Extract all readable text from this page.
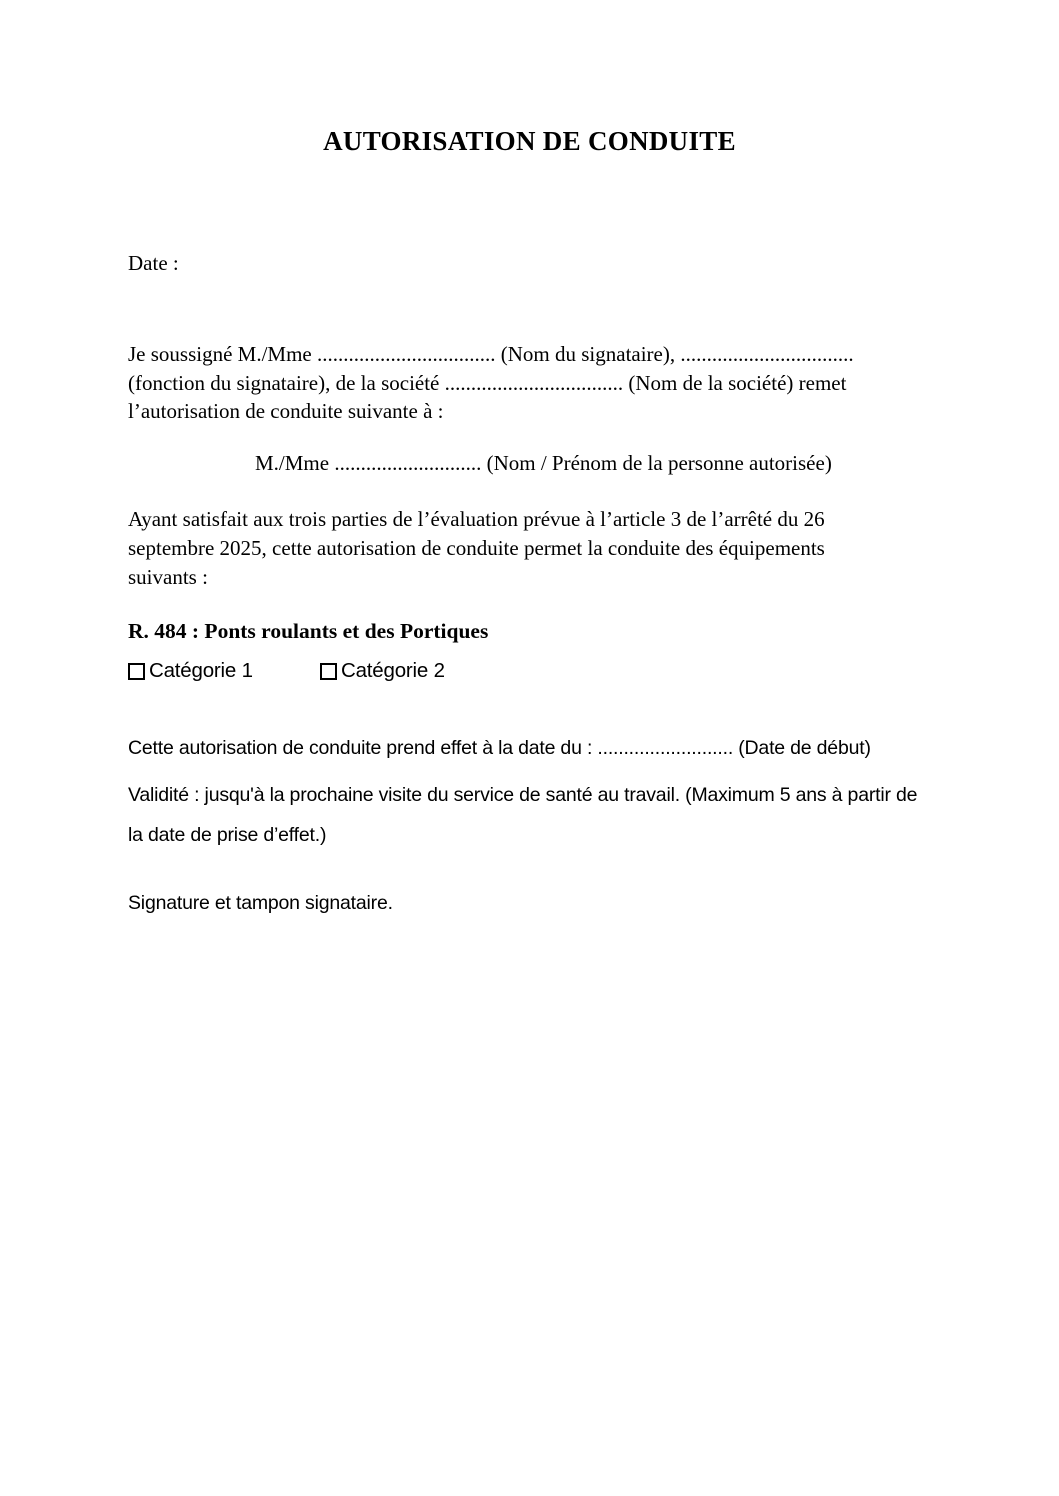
AUTORISATION DE CONDUITE
Date :
Je soussigné M./Mme .................................. (Nom du signataire), .................................
(fonction du signataire), de la société .................................. (Nom de la société) remet
l’autorisation de conduite suivante à :
M./Mme ............................ (Nom / Prénom de la personne autorisée)
Ayant satisfait aux trois parties de l’évaluation prévue à l’article 3 de l’arrêté du 26
septembre 2025, cette autorisation de conduite permet la conduite des équipements
suivants :
R. 484 : Ponts roulants et des Portiques
Catégorie 1	Catégorie 2
Cette autorisation de conduite prend effet à la date du : .......................... (Date de début)
Validité : jusqu'à la prochaine visite du service de santé au travail. (Maximum 5 ans à partir de
la date de prise d’effet.)
Signature et tampon signataire.
